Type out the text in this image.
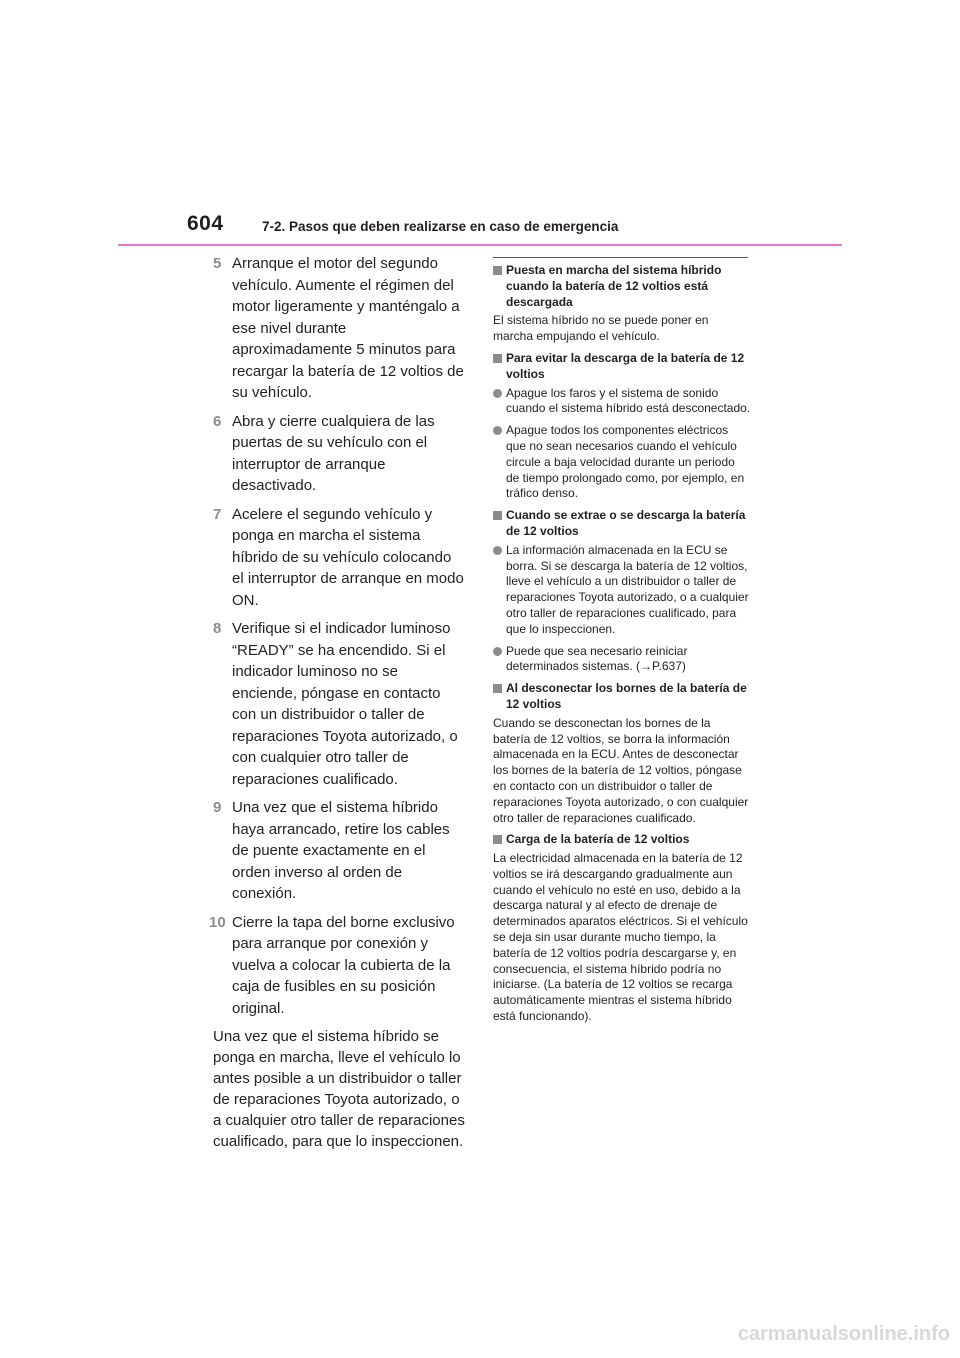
604	7-2. Pasos que deben realizarse en caso de emergencia
5 Arranque el motor del segundo vehículo. Aumente el régimen del motor ligeramente y manténgalo a ese nivel durante aproximadamente 5 minutos para recargar la batería de 12 voltios de su vehículo.
6 Abra y cierre cualquiera de las puertas de su vehículo con el interruptor de arranque desactivado.
7 Acelere el segundo vehículo y ponga en marcha el sistema híbrido de su vehículo colocando el interruptor de arranque en modo ON.
8 Verifique si el indicador luminoso “READY” se ha encendido. Si el indicador luminoso no se enciende, póngase en contacto con un distribuidor o taller de reparaciones Toyota autorizado, o con cualquier otro taller de reparaciones cualificado.
9 Una vez que el sistema híbrido haya arrancado, retire los cables de puente exactamente en el orden inverso al orden de conexión.
10 Cierre la tapa del borne exclusivo para arranque por conexión y vuelva a colocar la cubierta de la caja de fusibles en su posición original.
Una vez que el sistema híbrido se ponga en marcha, lleve el vehículo lo antes posible a un distribuidor o taller de reparaciones Toyota autorizado, o a cualquier otro taller de reparaciones cualificado, para que lo inspeccionen.
Puesta en marcha del sistema híbrido cuando la batería de 12 voltios está descargada
El sistema híbrido no se puede poner en marcha empujando el vehículo.
Para evitar la descarga de la batería de 12 voltios
Apague los faros y el sistema de sonido cuando el sistema híbrido está desconectado.
Apague todos los componentes eléctricos que no sean necesarios cuando el vehículo circule a baja velocidad durante un periodo de tiempo prolongado como, por ejemplo, en tráfico denso.
Cuando se extrae o se descarga la batería de 12 voltios
La información almacenada en la ECU se borra. Si se descarga la batería de 12 voltios, lleve el vehículo a un distribuidor o taller de reparaciones Toyota autorizado, o a cualquier otro taller de reparaciones cualificado, para que lo inspeccionen.
Puede que sea necesario reiniciar determinados sistemas. (→P.637)
Al desconectar los bornes de la batería de 12 voltios
Cuando se desconectan los bornes de la batería de 12 voltios, se borra la información almacenada en la ECU. Antes de desconectar los bornes de la batería de 12 voltios, póngase en contacto con un distribuidor o taller de reparaciones Toyota autorizado, o con cualquier otro taller de reparaciones cualificado.
Carga de la batería de 12 voltios
La electricidad almacenada en la batería de 12 voltios se irá descargando gradualmente aun cuando el vehículo no esté en uso, debido a la descarga natural y al efecto de drenaje de determinados aparatos eléctricos. Si el vehículo se deja sin usar durante mucho tiempo, la batería de 12 voltios podría descargarse y, en consecuencia, el sistema híbrido podría no iniciarse. (La batería de 12 voltios se recarga automáticamente mientras el sistema híbrido está funcionando).
carmanualsonline.info
